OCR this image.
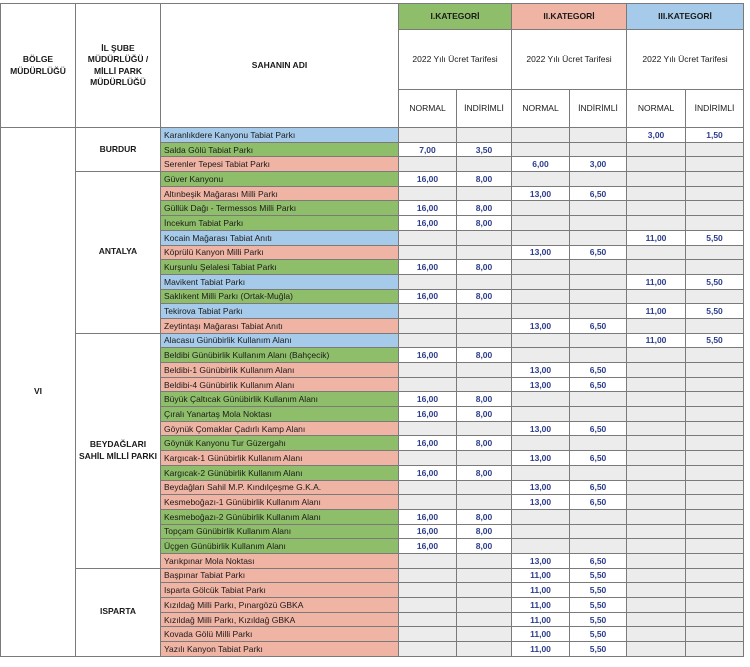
BÖLGE MÜDÜRLÜĞÜ	İL ŞUBE MÜDÜRLÜĞÜ / MİLLİ PARK MÜDÜRLÜĞÜ	SAHANIN ADI	I.KATEGORİ		II.KATEGORİ		III.KATEGORİ	
			2022 Yılı Ücret Tarifesi		2022 Yılı Ücret Tarifesi		2022 Yılı Ücret Tarifesi	
			NORMAL	İNDİRİMLİ	NORMAL	İNDİRİMLİ	NORMAL	İNDİRİMLİ
VI	BURDUR	Karanlıkdere Kanyonu Tabiat Parkı					3,00	1,50
		Salda Gölü Tabiat Parkı	7,00	3,50				
		Serenler Tepesi Tabiat Parkı			6,00	3,00		
	ANTALYA	Güver Kanyonu	16,00	8,00				
		Altınbeşik Mağarası Milli Parkı			13,00	6,50		
		Güllük Dağı - Termessos Milli Parkı	16,00	8,00				
		İncekum Tabiat Parkı	16,00	8,00				
		Kocain Mağarası Tabiat Anıtı					11,00	5,50
		Köprülü Kanyon Milli Parkı			13,00	6,50		
		Kurşunlu Şelalesi Tabiat Parkı	16,00	8,00				
		Mavikent Tabiat Parkı					11,00	5,50
		Saklıkent Milli Parkı (Ortak-Muğla)	16,00	8,00				
		Tekirova Tabiat Parkı					11,00	5,50
		Zeytintaşı Mağarası Tabiat Anıtı			13,00	6,50		
	BEYDAĞLARI SAHİL MİLLİ PARKI	Alacasu Günübirlik Kullanım Alanı					11,00	5,50
		Beldibi Günübirlik Kullanım Alanı (Bahçecik)	16,00	8,00				
		Beldibi-1 Günübirlik Kullanım Alanı			13,00	6,50		
		Beldibi-4 Günübirlik Kullanım Alanı			13,00	6,50		
		Büyük Çaltıcak Günübirlik Kullanım Alanı	16,00	8,00				
		Çıralı Yanartaş Mola Noktası	16,00	8,00				
		Göynük Çomaklar Çadırlı Kamp Alanı			13,00	6,50		
		Göynük Kanyonu Tur Güzergahı	16,00	8,00				
		Kargıcak-1 Günübirlik Kullanım Alanı			13,00	6,50		
		Kargıcak-2 Günübirlik Kullanım Alanı	16,00	8,00				
		Beydağları Sahil M.P. Kındılçeşme G.K.A.			13,00	6,50		
		Kesmeboğazı-1 Günübirlik Kullanım Alanı			13,00	6,50		
		Kesmeboğazı-2 Günübirlik Kullanım Alanı	16,00	8,00				
		Topçam Günübirlik Kullanım Alanı	16,00	8,00				
		Üçgen Günübirlik Kullanım Alanı	16,00	8,00				
		Yarıkpınar Mola Noktası			13,00	6,50		
	ISPARTA	Başpınar Tabiat Parkı			11,00	5,50		
		Isparta Gölcük Tabiat Parkı			11,00	5,50		
		Kızıldağ Milli Parkı, Pınargözü GBKA			11,00	5,50		
		Kızıldağ Milli Parkı, Kızıldağ GBKA			11,00	5,50		
		Kovada Gölü Milli Parkı			11,00	5,50		
		Yazılı Kanyon Tabiat Parkı			11,00	5,50		
